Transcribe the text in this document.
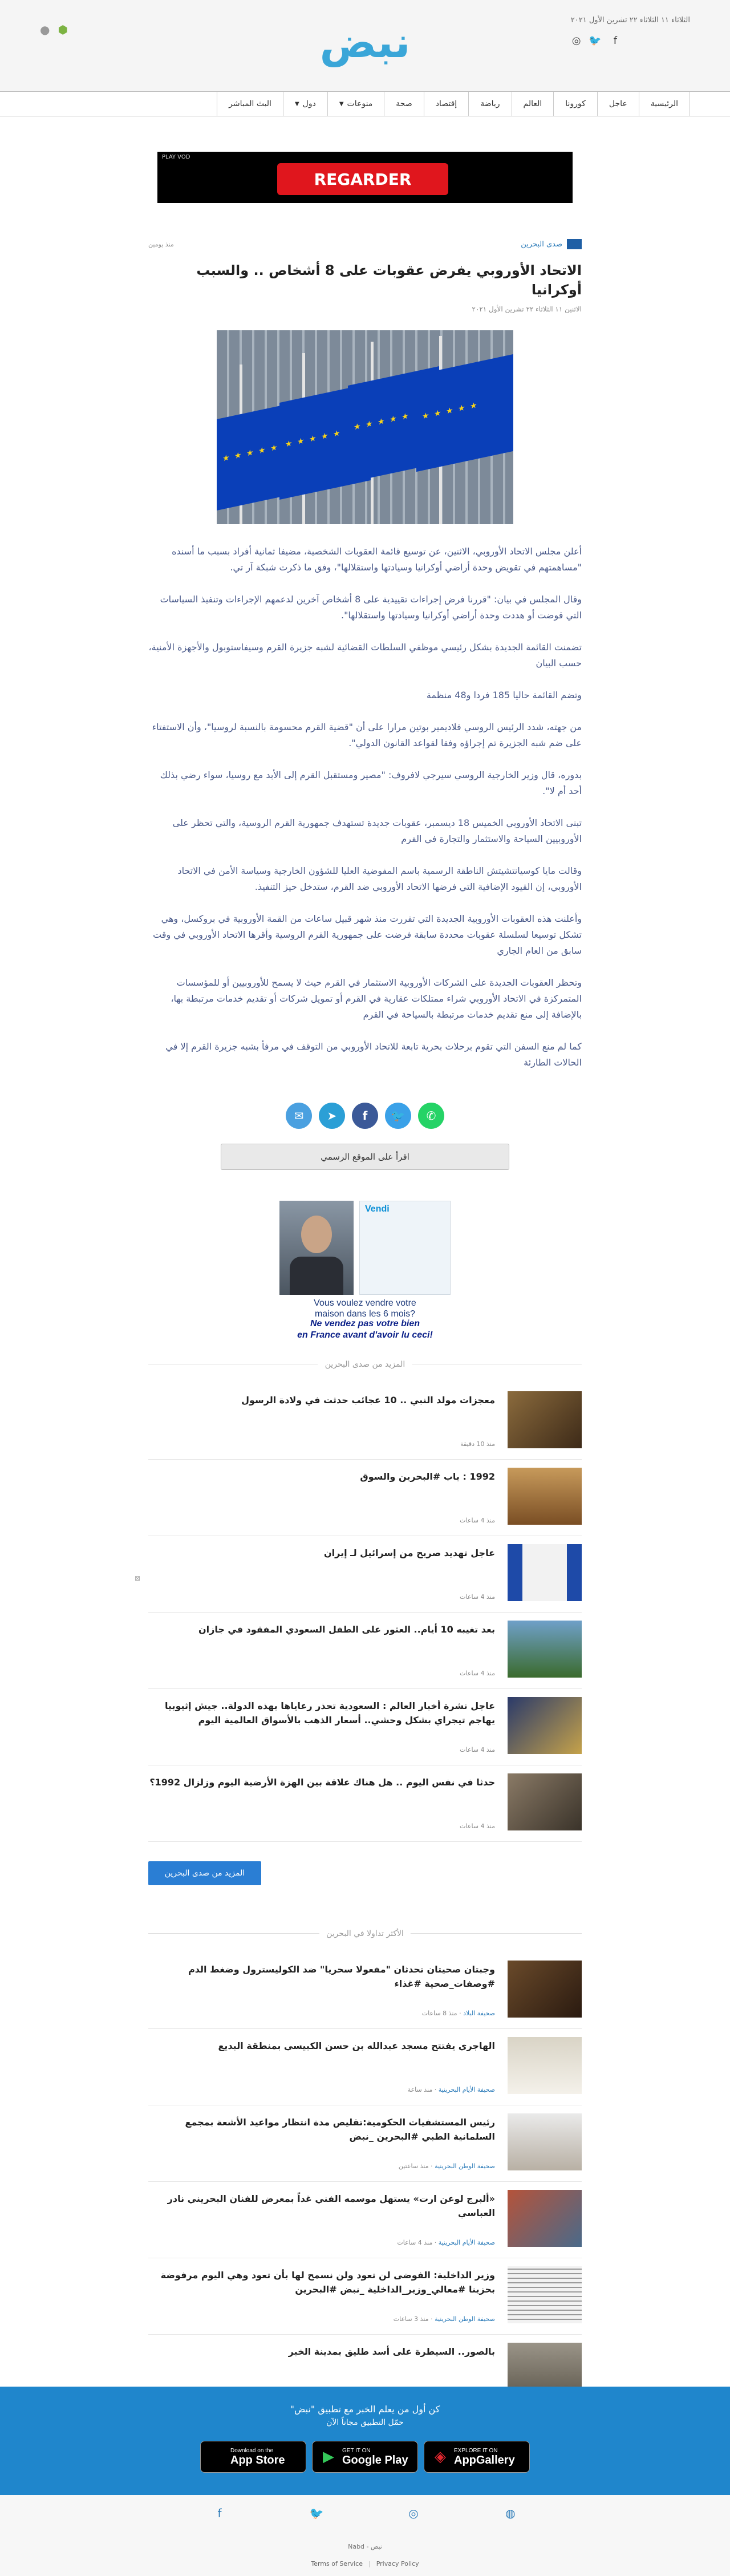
⬢
●	نبض	الثلاثاء ١١ الثلاثاء ٢٢ تشرين الأول ٢٠٢١
f
🐦
◎
الرئيسية
عاجل
كورونا
العالم
رياضة
إقتصاد
صحة
منوعات
▼
دول
▼
البث المباشر
PLAY VOD
REGARDER
صدى البحرين
منذ يومين
الاتحاد الأوروبي يفرض عقوبات على 8 أشخاص .. والسبب أوكرانيا
الاثنين ١١ الثلاثاء ٢٢ تشرين الأول ٢٠٢١
★ ★ ★ ★ ★
★ ★ ★ ★ ★
★ ★ ★ ★ ★
★ ★ ★ ★ ★

أعلن مجلس الاتحاد الأوروبي، الاثنين، عن توسيع قائمة العقوبات الشخصية، مضيفا ثمانية أفراد بسبب ما أسنده "مساهمتهم في تقويض وحدة أراضي أوكرانيا وسيادتها واستقلالها"، وفق ما ذكرت شبكة آر تي.

وقال المجلس في بيان: "قررنا فرض إجراءات تقييدية على 8 أشخاص آخرين لدعمهم الإجراءات وتنفيذ السياسات التي قوضت أو هددت وحدة أراضي أوكرانيا وسيادتها واستقلالها".

تضمنت القائمة الجديدة بشكل رئيسي موظفي السلطات القضائية لشبه جزيرة القرم وسيفاستوبول والأجهزة الأمنية، حسب البيان

وتضم القائمة حاليا 185 فردا و48 منظمة

من جهته، شدد الرئيس الروسي فلاديمير بوتين مرارا على أن "قضية القرم محسومة بالنسبة لروسيا"، وأن الاستفتاء على ضم شبه الجزيرة تم إجراؤه وفقا لقواعد القانون الدولي".

بدوره، قال وزير الخارجية الروسي سيرجي لافروف: "مصير ومستقبل القرم إلى الأبد مع روسيا، سواء رضي بذلك أحد أم لا".

تبنى الاتحاد الأوروبي الخميس 18 ديسمبر، عقوبات جديدة تستهدف جمهورية القرم الروسية، والتي تحظر على الأوروبيين السياحة والاستثمار والتجارة في القرم

وقالت مايا كوسيانتشيتش الناطقة الرسمية باسم المفوضية العليا للشؤون الخارجية وسياسة الأمن في الاتحاد الأوروبي، إن القيود الإضافية التي فرضها الاتحاد الأوروبي ضد القرم، ستدخل حيز التنفيذ.

وأعلنت هذه العقوبات الأوروبية الجديدة التي تقررت منذ شهر قبيل ساعات من القمة الأوروبية في بروكسل، وهي تشكل توسيعا لسلسلة عقوبات محددة سابقة فرضت على جمهورية القرم الروسية وأقرها الاتحاد الأوروبي في وقت سابق من العام الجاري

وتحظر العقوبات الجديدة على الشركات الأوروبية الاستثمار في القرم حيث لا يسمح للأوروبيين أو للمؤسسات المتمركزة في الاتحاد الأوروبي شراء ممتلكات عقارية في القرم أو تمويل شركات أو تقديم خدمات مرتبطة بها، بالإضافة إلى منع تقديم خدمات مرتبطة بالسياحة في القرم

كما لم منع السفن التي تقوم برحلات بحرية تابعة للاتحاد الأوروبي من التوقف في مرفأ بشبه جزيرة القرم إلا في الحالات الطارئة

✆
🐦
f
➤
✉
اقرأ على الموقع الرسمي
Vendi
Vous voulez vendre votre
maison dans les 6 mois?
Ne vendez pas votre bien
en France avant d'avoir lu ceci!
المزيد من صدى البحرين
معجزات مولد النبي .. 10 عجائب حدثت في ولادة الرسول
منذ 10 دقيقة
1992 : باب #البحرين والسوق
منذ 4 ساعات
عاجل تهديد صريح من إسرائيل لـ إيران
منذ 4 ساعات
⊠
بعد تغيبه 10 أيام.. العثور على الطفل السعودي المفقود في جازان
منذ 4 ساعات
عاجل نشرة أخبار العالم : السعودية تحذر رعاياها بهذه الدولة.. جيش إثيوبيا يهاجم تيجراي بشكل وحشي.. أسعار الذهب بالأسواق العالمية اليوم
منذ 4 ساعات
حدثا في نفس اليوم .. هل هناك علاقة بين الهزة الأرضية اليوم وزلزال 1992؟
منذ 4 ساعات
المزيد من صدى البحرين
الأكثر تداولا في البحرين
وجبتان صحيتان تحدثان "مفعولا سحريا" ضد الكوليسترول وضغط الدم #وصفات_صحية #غذاء
صحيفة البلاد · منذ 8 ساعات
الهاجري يفتتح مسجد عبدالله بن حسن الكبيسي بمنطقة البديع
صحيفة الأيام البحرينية · منذ ساعة
رئيس المستشفيات الحكومية:تقليص مدة انتظار مواعيد الأشعة بمجمع السلمانية الطبي #البحرين _نبض
صحيفة الوطن البحرينية · منذ ساعتين
«ألبرج لوعن ارت» يستهل موسمه الفني غداً بمعرض للفنان البحريني نادر العباسي
صحيفة الأيام البحرينية · منذ 4 ساعات
وزير الداخلية: الفوضى لن تعود ولن نسمح لها بأن تعود وهي اليوم مرفوضة بحزينا #معالي_وزير_الداخلية _نبض #البحرين
صحيفة الوطن البحرينية · منذ 3 ساعات
بالصور.. السيطرة على أسد طليق بمدينة الخبر
كن أول من يعلم الخبر مع تطبيق "نبض"
حمّل التطبيق مجاناً الآن
Download on the
App Store	▶	GET IT ON
Google Play ◈	EXPLORE IT ON
AppGallery
f	🐦	◎	◍
نبض - Nabd
Terms of Service | Privacy Policy
